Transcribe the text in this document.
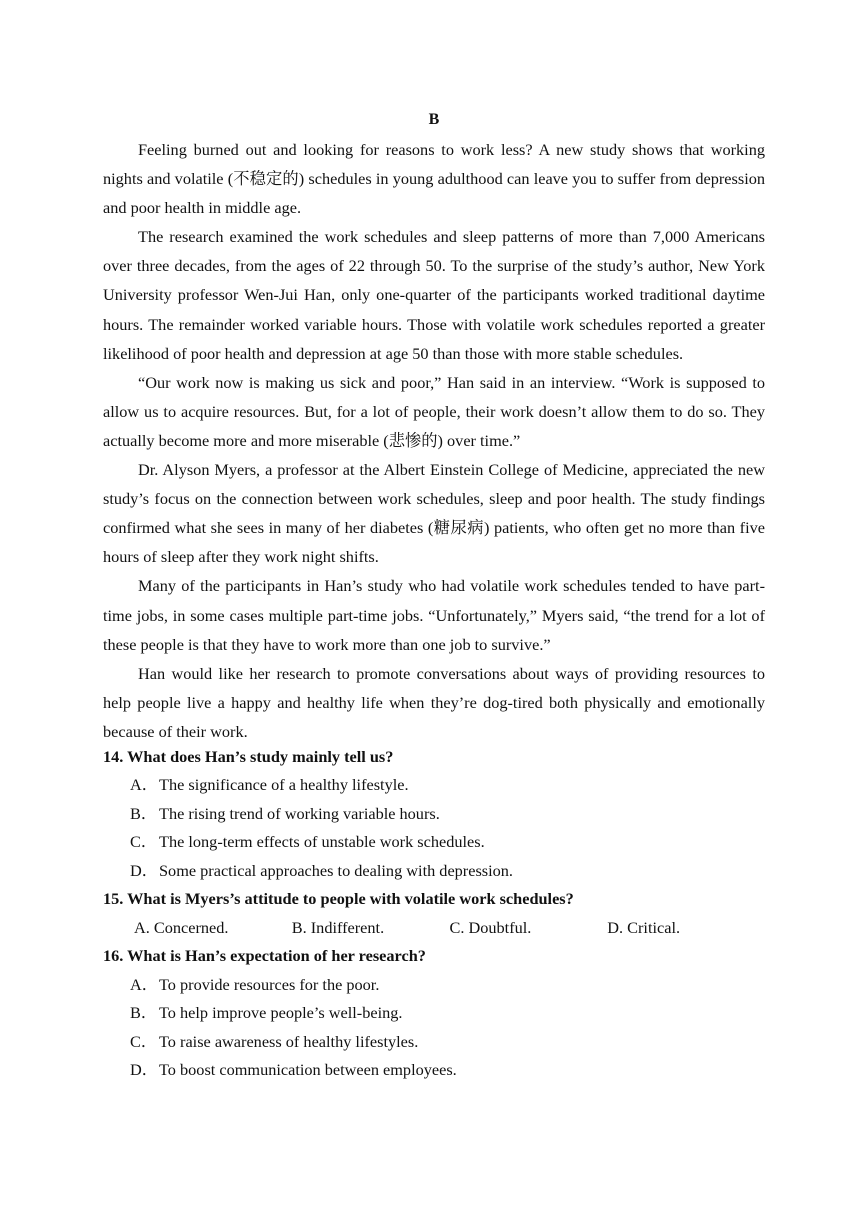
B

Feeling burned out and looking for reasons to work less? A new study shows that working nights and volatile (不稳定的) schedules in young adulthood can leave you to suffer from depression and poor health in middle age.

The research examined the work schedules and sleep patterns of more than 7,000 Americans over three decades, from the ages of 22 through 50. To the surprise of the study’s author, New York University professor Wen-Jui Han, only one-quarter of the participants worked traditional daytime hours. The remainder worked variable hours. Those with volatile work schedules reported a greater likelihood of poor health and depression at age 50 than those with more stable schedules.

“Our work now is making us sick and poor,” Han said in an interview. “Work is supposed to allow us to acquire resources. But, for a lot of people, their work doesn’t allow them to do so. They actually become more and more miserable (悲惨的) over time.”

Dr. Alyson Myers, a professor at the Albert Einstein College of Medicine, appreciated the new study’s focus on the connection between work schedules, sleep and poor health. The study findings confirmed what she sees in many of her diabetes (糖尿病) patients, who often get no more than five hours of sleep after they work night shifts.

Many of the participants in Han’s study who had volatile work schedules tended to have part-time jobs, in some cases multiple part-time jobs. “Unfortunately,” Myers said, “the trend for a lot of these people is that they have to work more than one job to survive.”

Han would like her research to promote conversations about ways of providing resources to help people live a happy and healthy life when they’re dog-tired both physically and emotionally because of their work.

14. What does Han’s study mainly tell us?

A．The significance of a healthy lifestyle.

B． The rising trend of working variable hours.

C． The long-term effects of unstable work schedules.

D．Some practical approaches to dealing with depression.

15. What is Myers’s attitude to people with volatile work schedules?

A. Concerned.	B. Indifferent.	C. Doubtful.	D. Critical.

16. What is Han’s expectation of her research?

A．To provide resources for the poor.

B． To help improve people’s well-being.

C． To raise awareness of healthy lifestyles.

D．To boost communication between employees.
